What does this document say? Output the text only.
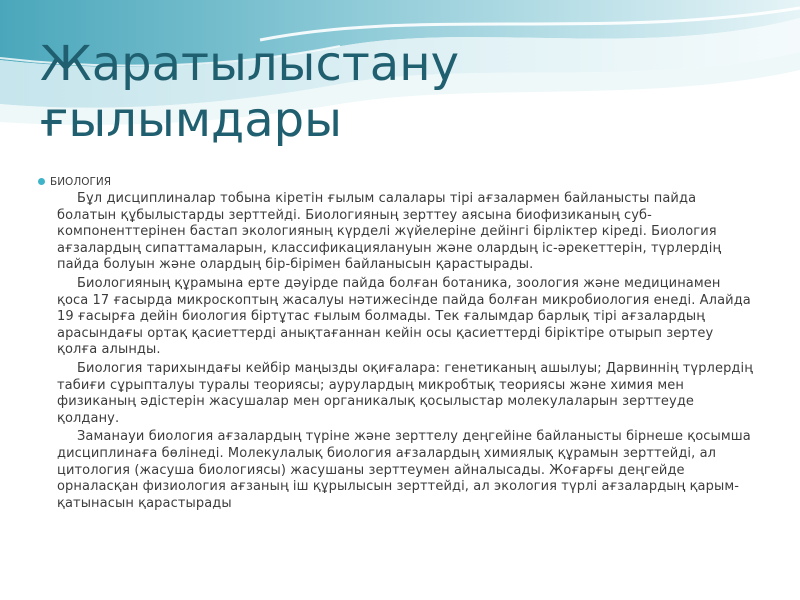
Жаратылыстану
ғылымдары
БИОЛОГИЯ

Бұл дисциплиналар тобына кіретін ғылым салалары тірі ағзалармен байланысты пайда болатын құбылыстарды зерттейді. Биологияның зерттеу аясына биофизиканың суб-компоненттерінен бастап экологияның күрделі жүйелеріне дейінгі бірліктер кіреді. Биология ағзалардың сипаттамаларын, классификациялануын және олардың іс-әрекеттерін, түрлердің пайда болуын және олардың бір-бірімен байланысын қарастырады.

Биологияның құрамына ерте дәуірде пайда болған ботаника, зоология және медицинамен қоса 17 ғасырда микроскоптың жасалуы нәтижесінде пайда болған микробиология енеді. Алайда 19 ғасырға дейін биология біртұтас ғылым болмады. Тек ғалымдар барлық тірі ағзалардың арасындағы ортақ қасиеттерді анықтағаннан кейін осы қасиеттерді біріктіре отырып зертеу қолға алынды.

Биология тарихындағы кейбір маңызды оқиғалара: генетиканың ашылуы; Дарвиннің түрлердің табиғи сұрыпталуы туралы теориясы; аурулардың микробтық теориясы және химия мен физиканың әдістерін жасушалар мен органикалық қосылыстар молекулаларын зерттеуде қолдану.

Заманауи биология ағзалардың түріне және зерттелу деңгейіне байланысты бірнеше қосымша дисциплинаға бөлінеді. Молекулалық биология ағзалардың химиялық құрамын зерттейді, ал цитология (жасуша биологиясы) жасушаны зерттеумен айналысады. Жоғарғы деңгейде орналасқан физиология ағзаның іш құрылысын зерттейді, ал экология түрлі ағзалардың қарым-қатынасын қарастырады
